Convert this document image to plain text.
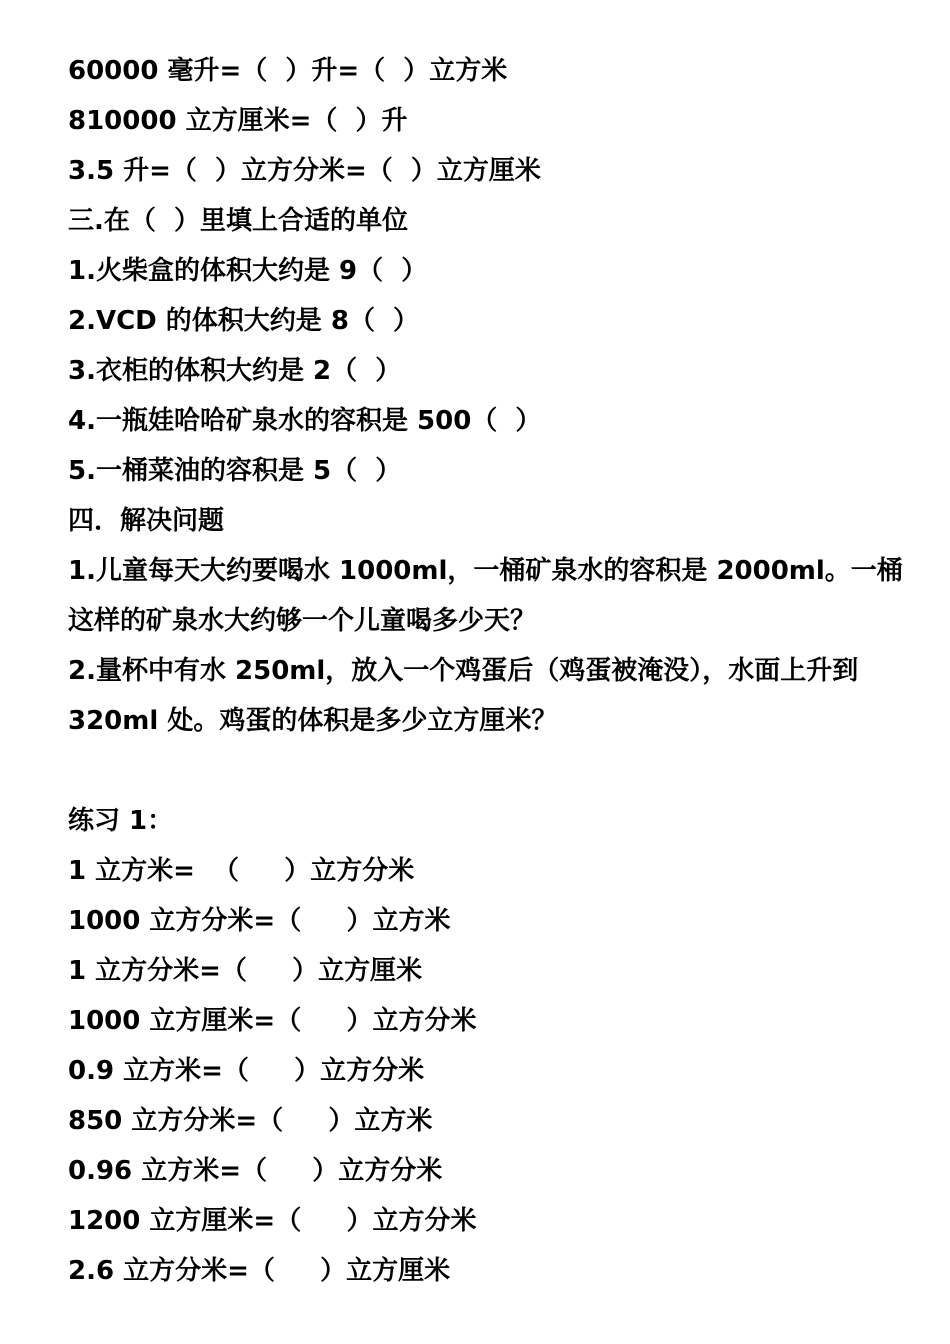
60000 毫升=（  ）升=（  ）立方米
810000 立方厘米=（  ）升
3.5 升=（  ）立方分米=（  ）立方厘米
三.在（  ）里填上合适的单位
1.火柴盒的体积大约是 9（  ）
2.VCD 的体积大约是 8（  ）
3.衣柜的体积大约是 2（  ）
4.一瓶娃哈哈矿泉水的容积是 500（  ）
5.一桶菜油的容积是 5（  ）
四．解决问题
1.儿童每天大约要喝水 1000ml，一桶矿泉水的容积是 2000ml。一桶
这样的矿泉水大约够一个儿童喝多少天？
2.量杯中有水 250ml，放入一个鸡蛋后（鸡蛋被淹没），水面上升到
320ml 处。鸡蛋的体积是多少立方厘米？
练习 1：
1 立方米=  （     ）立方分米
1000 立方分米=（     ）立方米
1 立方分米=（     ）立方厘米
1000 立方厘米=（     ）立方分米
0.9 立方米=（     ）立方分米
850 立方分米=（     ）立方米
0.96 立方米=（     ）立方分米
1200 立方厘米=（     ）立方分米
2.6 立方分米=（     ）立方厘米
